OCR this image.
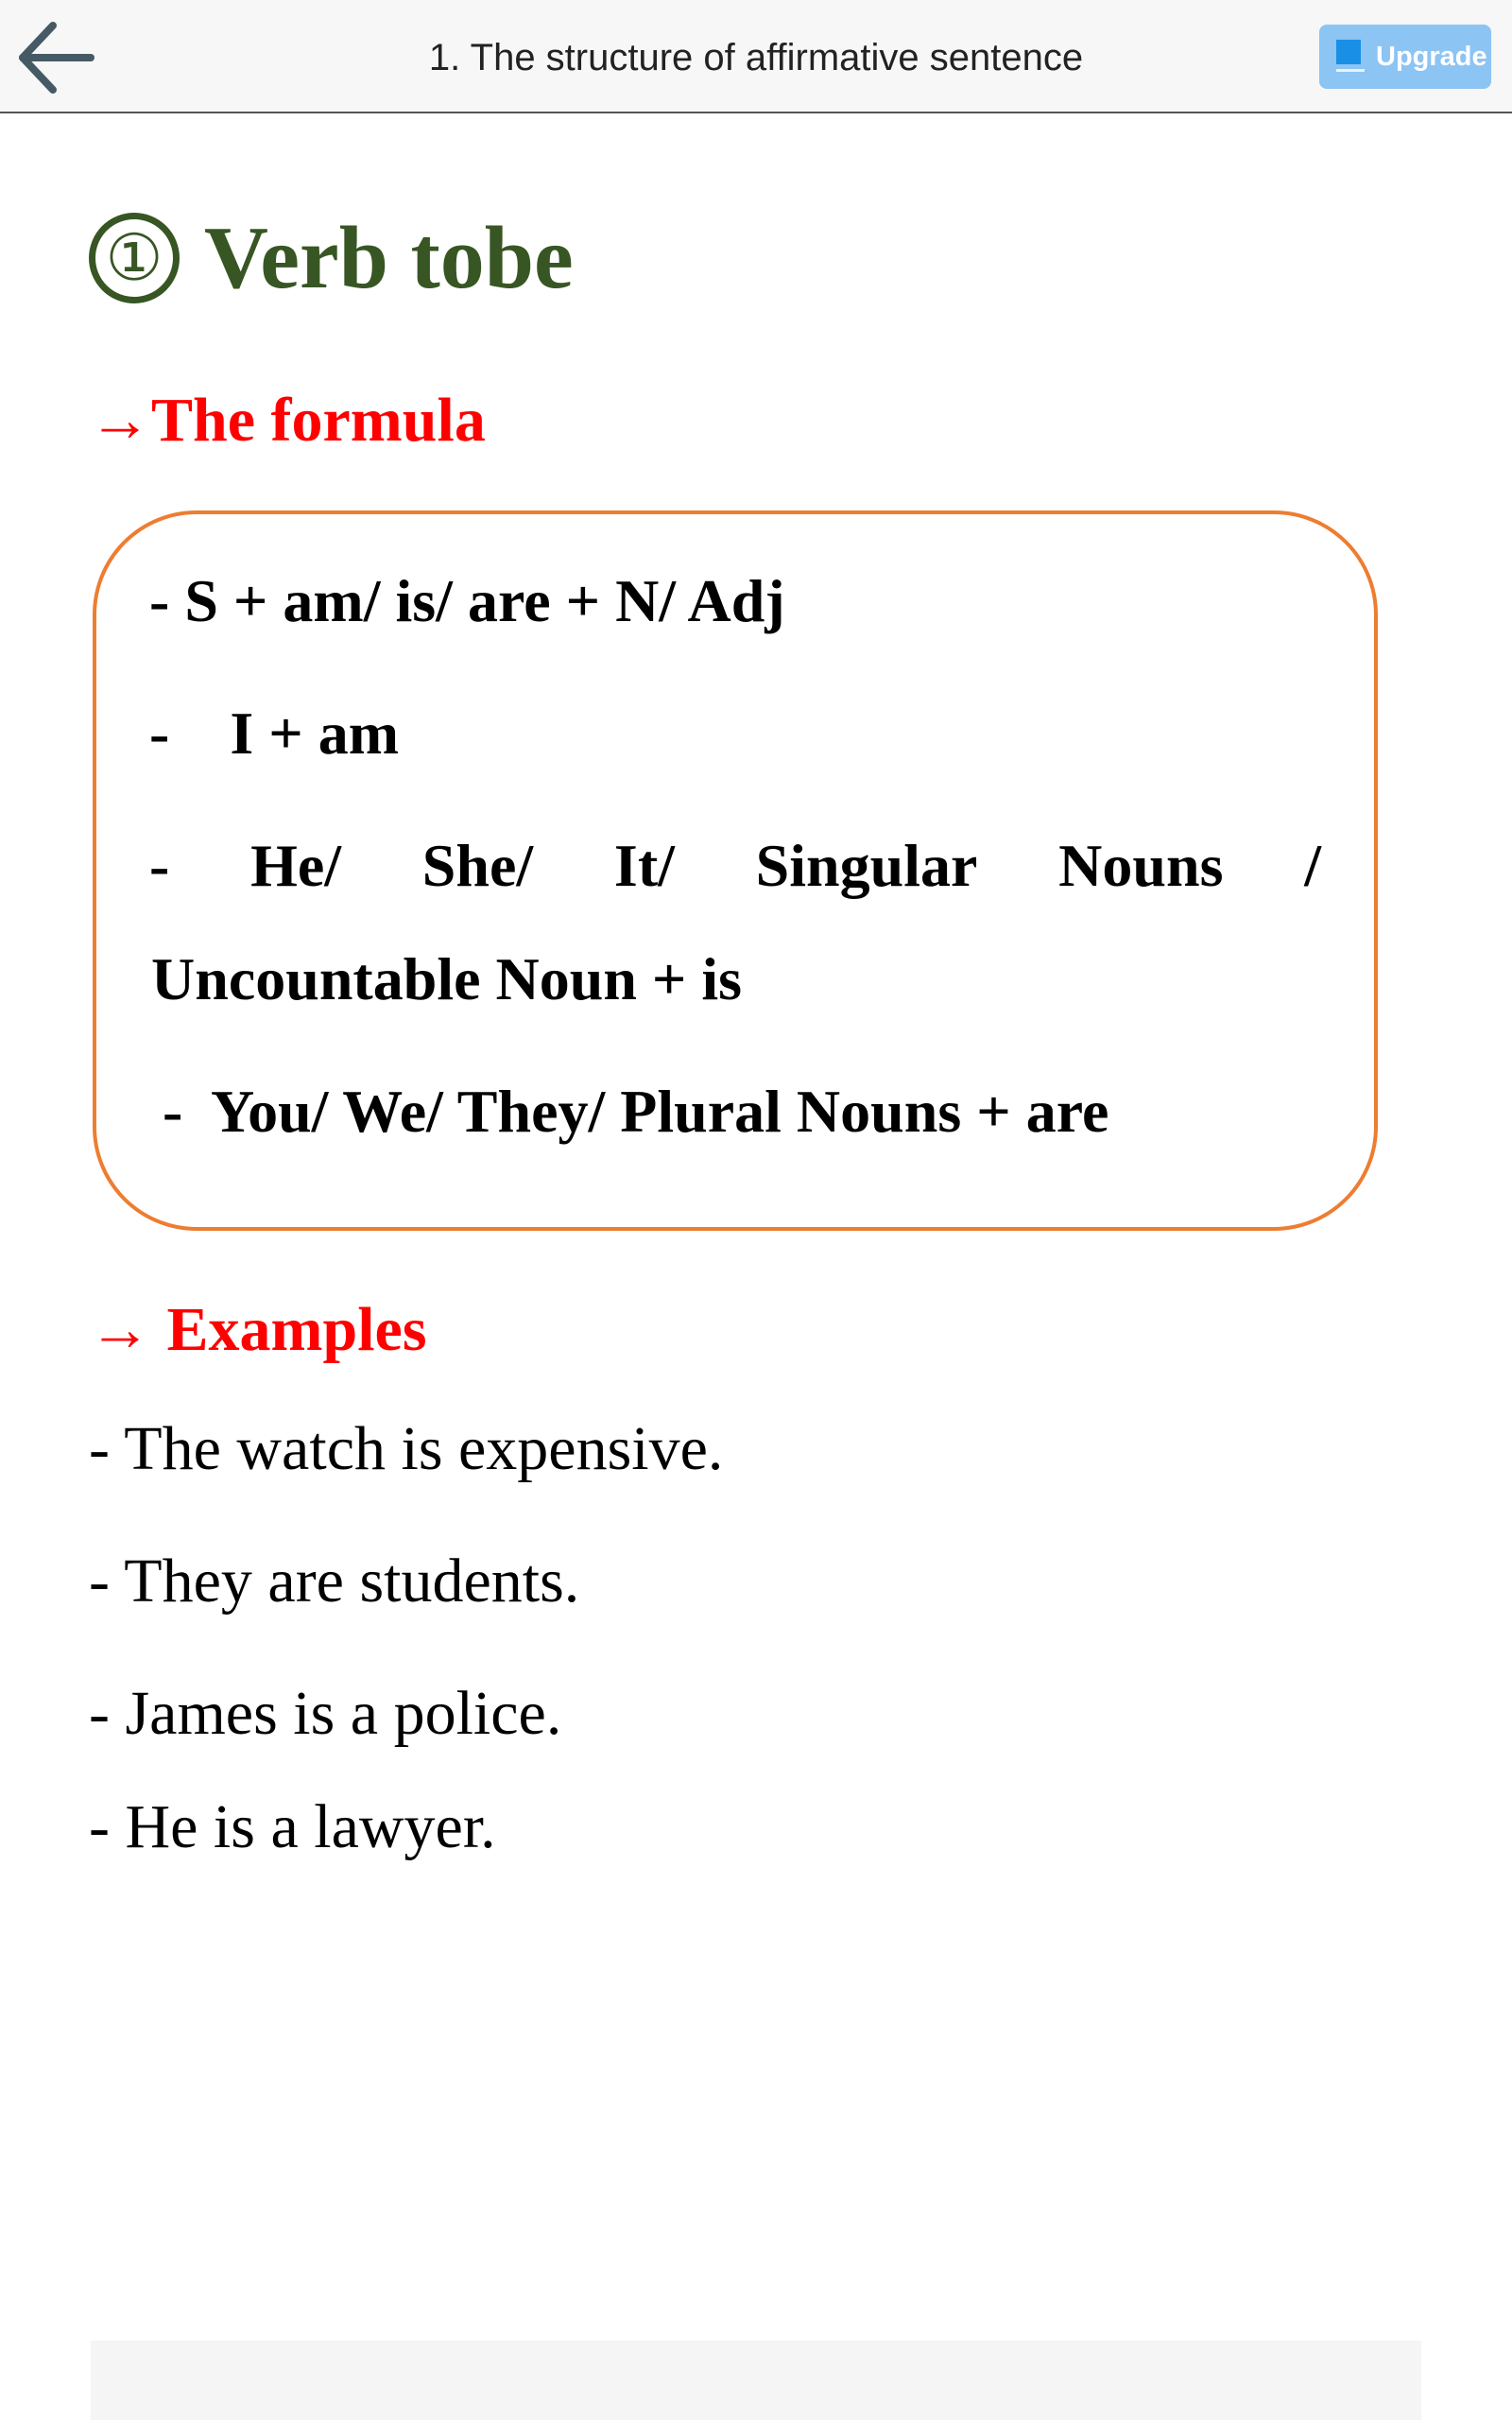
1. The structure of affirmative sentence	Upgrade
① Verb tobe
→The formula
- S + am/ is/ are + N/ Adj
-    I + am
- He/ She/ It/ Singular Nouns /
Uncountable Noun + is
-  You/ We/ They/ Plural Nouns + are
→ Examples
- The watch is expensive.
- They are students.
- James is a police.
- He is a lawyer.
